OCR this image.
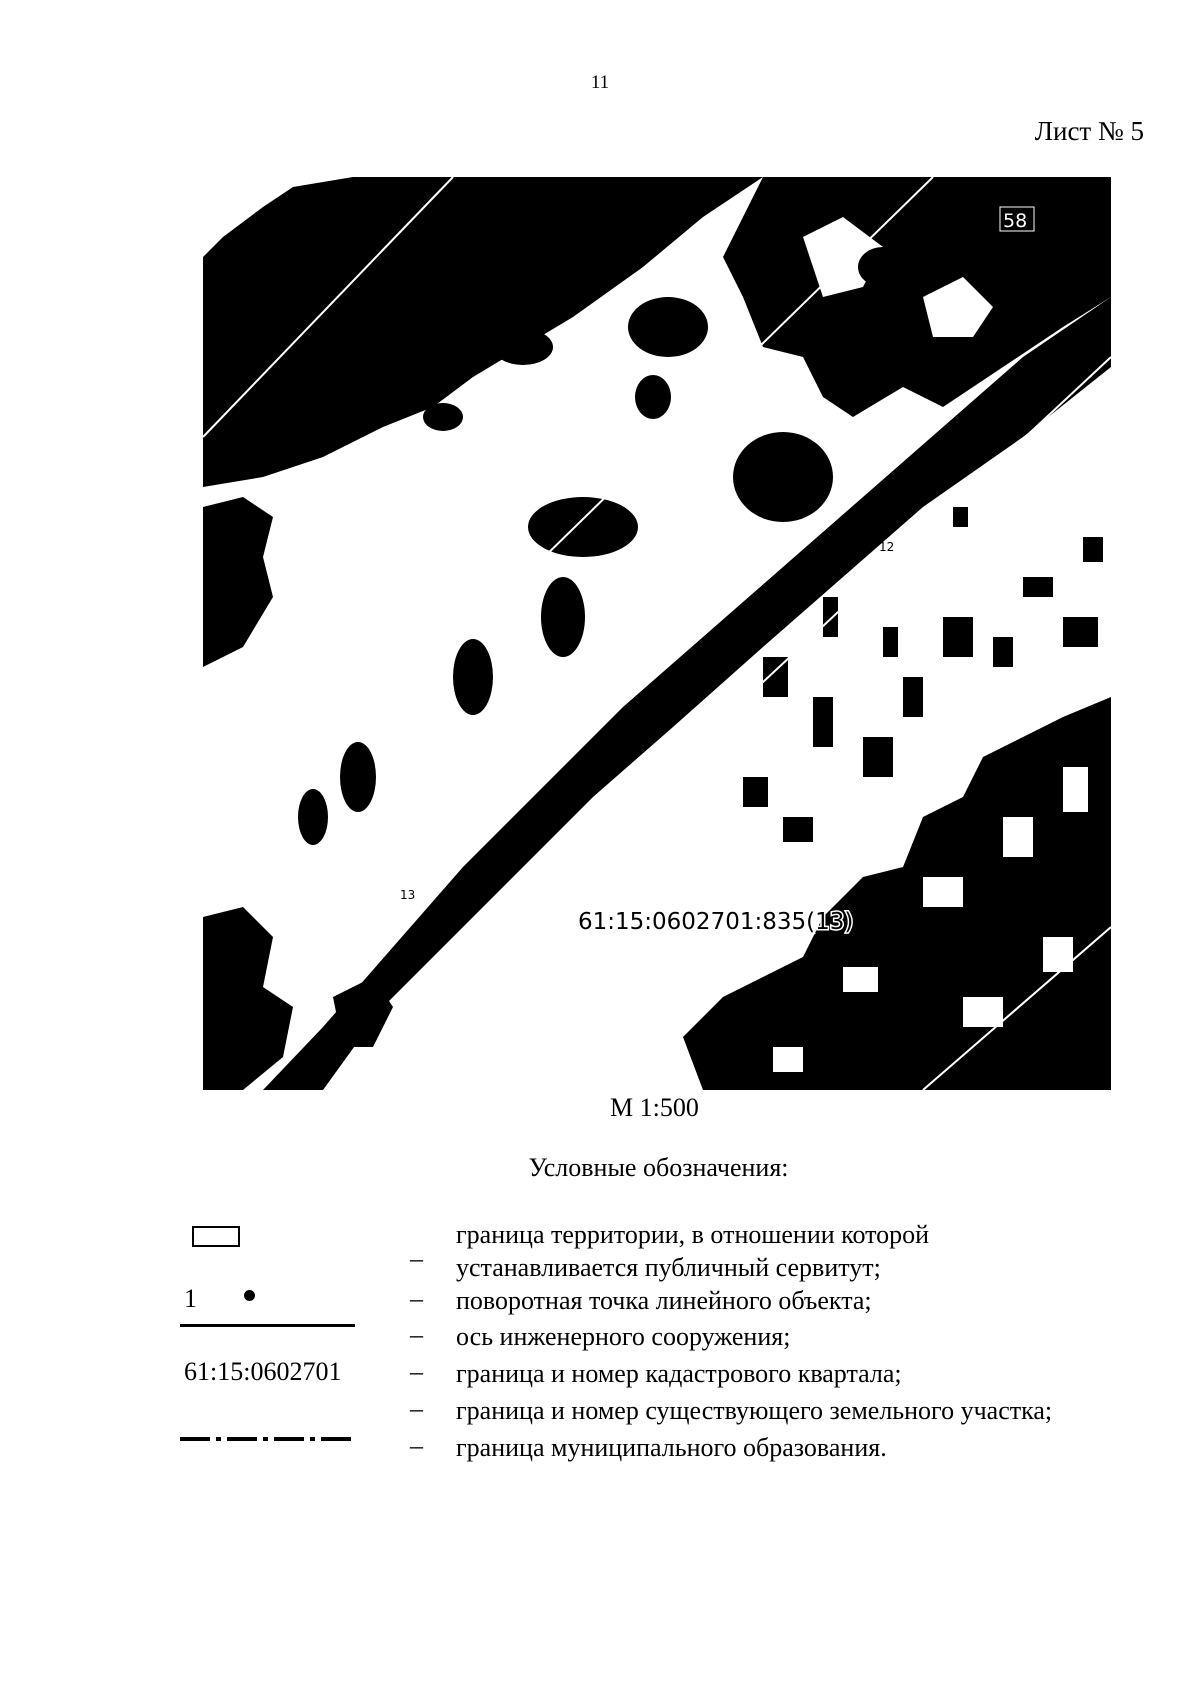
11
Лист № 5
58
12
13
61:15:0602701:835(13)
М 1:500
Условные обозначения:
–
граница территории, в отношении которой
устанавливается публичный сервитут;
1	– поворотная точка линейного объекта;
– ось инженерного сооружения;
61:15:0602701	– граница и номер кадастрового квартала;
– граница и номер существующего земельного участка;
– граница муниципального образования.
